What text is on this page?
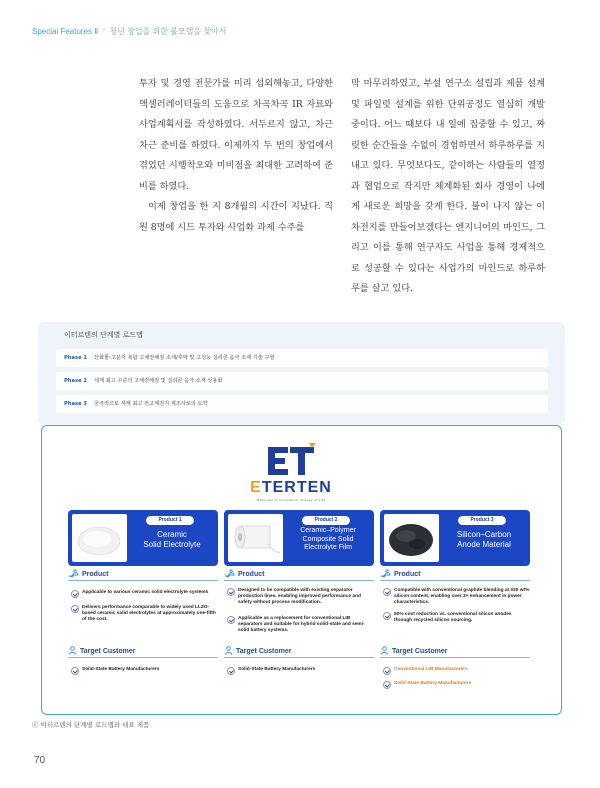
Special Features Ⅱ ° 청년 창업을 위한 롤모델을 찾아서

투자 및 경영 전문가를 미리 섭외해놓고, 다양한 액셀러레이터들의 도움으로 차곡차곡 IR 자료와 사업계획서를 작성하였다. 서두르지 않고, 차근차근 준비를 하였다. 이제까지 두 번의 창업에서 겪었던 시행착오와 미비점을 최대한 고려하여 준비를 하였다.

이제 창업을 한 지 8개월의 시간이 지났다. 직원 8명에 시드 투자와 사업화 과제 수주를

막 마무리하였고, 부설 연구소 설립과 제품 설계 및 파일럿 설계를 위한 단위공정도 열심히 개발 중이다. 어느 때보다 내 일에 집중할 수 있고, 짜릿한 순간들을 수없이 경험하면서 하루하루를 지내고 있다. 무엇보다도, 같이하는 사람들의 열정과 협업으로 작지만 체계화된 회사 경영이 나에게 새로운 희망을 갖게 한다. 불이 나지 않는 이차전지를 만들어보겠다는 엔지니어의 마인드, 그리고 이를 통해 연구자도 사업을 통해 경제적으로 성공할 수 있다는 사업가의 마인드로 하루하루를 살고 있다.

이터르텐의 단계별 로드맵
Phase 1 산화물-고분자 복합 고체전해질 소재/후막 및 고성능 실리콘 음극 소재 기술 구현
Phase 2 세계 최고 수준의 고체전해질 및 실리콘 음극 소재 상용화
Phase 3 궁극적으로 세계 최고 전고체전지 제조사로의 도약
ETERTEN
Materials of Innovation, Energy of Life
Product 1
Ceramic
Solid Electrolyte
Product 2
Ceramic–Polymer
Composite Solid
Electrolyte Film
Product 3
Silicon–Carbon
Anode Material
Product
Applicable to various ceramic solid electrolyte systems
Delivers performance comparable to widely used LLZO-based ceramic solid electrolytes at approximately one-fifth of the cost.
Target Customer
Solid-State Battery Manufacturers
Product
Designed to be compatible with existing separator production lines, enabling improved performance and safety without process modification.
Applicable as a replacement for conventional LIB separators and suitable for hybrid solid-state and semi-solid battery systems.
Target Customer
Solid-State Battery Manufacturers
Product
Compatible with conventional graphite blending at ≥20 wt% silicon content, enabling over 3× enhancement in power characteristics.
50% cost reduction vs. conventional silicon anodes through recycled silicon sourcing.
Target Customer
Conventional LIB Manufacturers
Solid-State Battery Manufacturers
ⓒ 이터르텐의 단계별 로드맵과 대표 제품
70
